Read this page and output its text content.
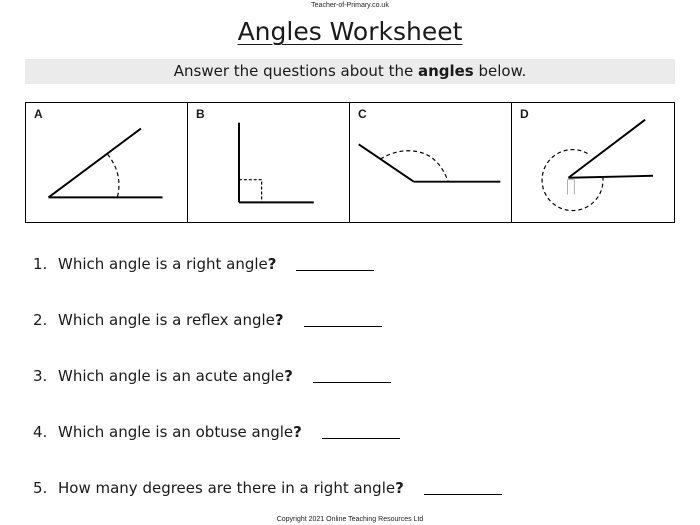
Teacher-of-Primary.co.uk
Angles Worksheet
Answer the questions about the angles below.
A	B	C	D
1. Which angle is a right angle?
2. Which angle is a reflex angle?
3. Which angle is an acute angle?
4. Which angle is an obtuse angle?
5. How many degrees are there in a right angle?
Copyright 2021 Online Teaching Resources Ltd
